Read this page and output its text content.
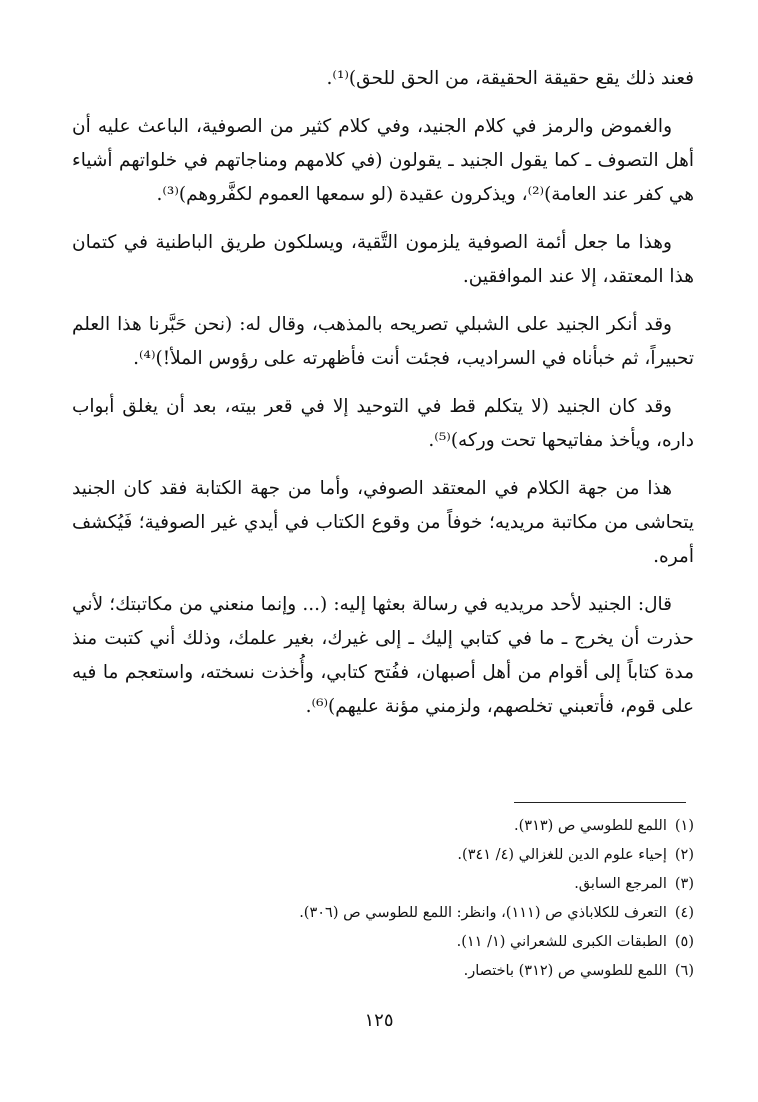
فعند ذلك يقع حقيقة الحقيقة، من الحق للحق)⁽¹⁾.

والغموض والرمز في كلام الجنيد، وفي كلام كثير من الصوفية، الباعث عليه أن أهل التصوف ـ كما يقول الجنيد ـ يقولون (في كلامهم ومناجاتهم في خلواتهم أشياء هي كفر عند العامة)⁽²⁾، ويذكرون عقيدة (لو سمعها العموم لكفَّروهم)⁽³⁾.

وهذا ما جعل أئمة الصوفية يلزمون التَّقية، ويسلكون طريق الباطنية في كتمان هذا المعتقد، إلا عند الموافقين.

وقد أنكر الجنيد على الشبلي تصريحه بالمذهب، وقال له: (نحن حَبَّرنا هذا العلم تحبيراً، ثم خبأناه في السراديب، فجئت أنت فأظهرته على رؤوس الملأ!)⁽⁴⁾.

وقد كان الجنيد (لا يتكلم قط في التوحيد إلا في قعر بيته، بعد أن يغلق أبواب داره، ويأخذ مفاتيحها تحت وركه)⁽⁵⁾.

هذا من جهة الكلام في المعتقد الصوفي، وأما من جهة الكتابة فقد كان الجنيد يتحاشى من مكاتبة مريديه؛ خوفاً من وقوع الكتاب في أيدي غير الصوفية؛ فَيُكشف أمره.

قال: الجنيد لأحد مريديه في رسالة بعثها إليه: (... وإنما منعني من مكاتبتك؛ لأني حذرت أن يخرج ـ ما في كتابي إليك ـ إلى غيرك، بغير علمك، وذلك أني كتبت منذ مدة كتاباً إلى أقوام من أهل أصبهان، ففُتح كتابي، وأُخذت نسخته، واستعجم ما فيه على قوم، فأتعبني تخلصهم، ولزمني مؤنة عليهم)⁽⁶⁾.

(١)اللمع للطوسي ص (٣١٣).

(٢)إحياء علوم الدين للغزالي (٤/ ٣٤١).

(٣)المرجع السابق.

(٤)التعرف للكلاباذي ص (١١١)، وانظر: اللمع للطوسي ص (٣٠٦).

(٥)الطبقات الكبرى للشعراني (١/ ١١).

(٦)اللمع للطوسي ص (٣١٢) باختصار.

١٢٥
